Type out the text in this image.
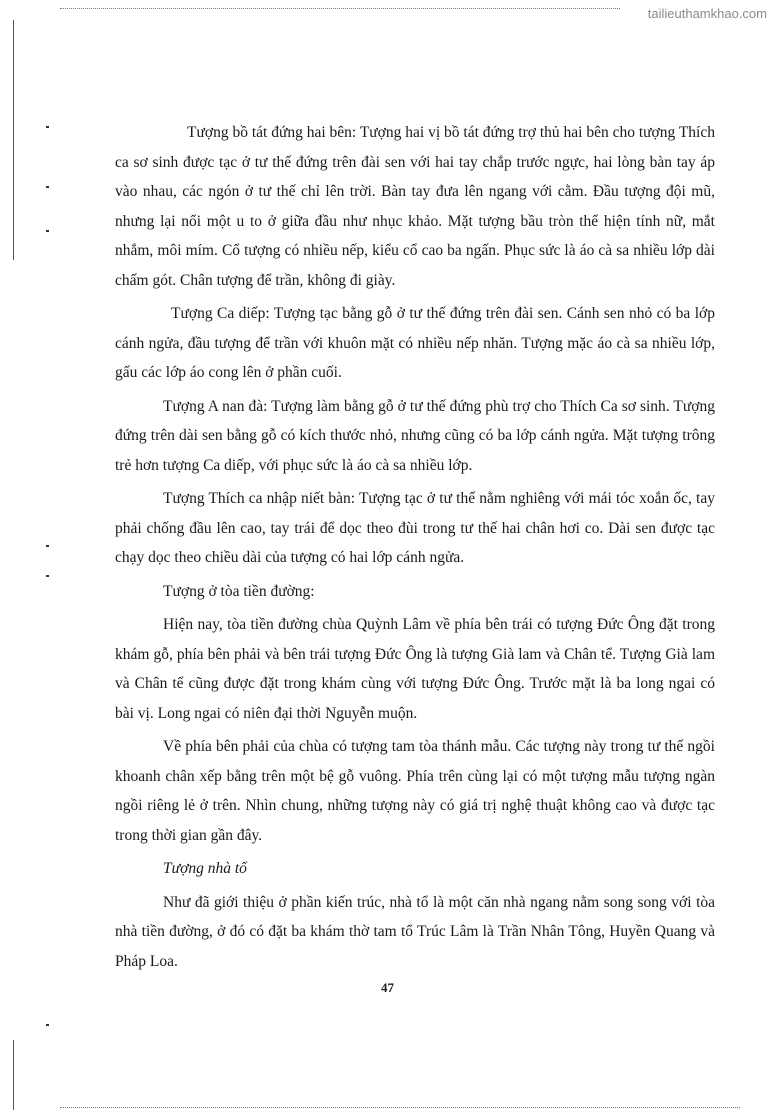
tailieuthamkhao.com

Tượng bồ tát đứng hai bên: Tượng hai vị bồ tát đứng trợ thủ hai bên cho tượng Thích ca sơ sinh được tạc ở tư thế đứng trên đài sen với hai tay chắp trước ngực, hai lòng bàn tay áp vào nhau, các ngón ở tư thế chỉ lên trời. Bàn tay đưa lên ngang với cằm. Đầu tượng đội mũ, nhưng lại nổi một u to ở giữa đầu như nhục khảo. Mặt tượng bầu tròn thể hiện tính nữ, mắt nhắm, môi mím. Cổ tượng có nhiều nếp, kiểu cổ cao ba ngấn. Phục sức là áo cà sa nhiều lớp dài chấm gót. Chân tượng để trần, không đi giày.

Tượng Ca diếp: Tượng tạc bằng gỗ ở tư thế đứng trên đài sen. Cánh sen nhỏ có ba lớp cánh ngửa, đầu tượng để trần với khuôn mặt có nhiều nếp nhăn. Tượng mặc áo cà sa nhiều lớp, gấu các lớp áo cong lên ở phần cuối.

Tượng A nan đà: Tượng làm bằng gỗ ở tư thế đứng phù trợ cho Thích Ca sơ sinh. Tượng đứng trên dài sen bằng gỗ có kích thước nhỏ, nhưng cũng có ba lớp cánh ngửa. Mặt tượng trông trẻ hơn tượng Ca diếp, với phục sức là áo cà sa nhiều lớp.

Tượng Thích ca nhập niết bàn: Tượng tạc ở tư thế nằm nghiêng với mái tóc xoắn ốc, tay phải chống đầu lên cao, tay trái để dọc theo đùi trong tư thế hai chân hơi co. Dài sen được tạc chạy dọc theo chiều dài của tượng có hai lớp cánh ngửa.

Tượng ở tòa tiền đường:

Hiện nay, tòa tiền đường chùa Quỳnh Lâm về phía bên trái có tượng Đức Ông đặt trong khám gỗ, phía bên phải và bên trái tượng Đức Ông là tượng Già lam và Chân tể. Tượng Già lam và Chân tể cũng được đặt trong khám cùng với tượng Đức Ông. Trước mặt là ba long ngai có bài vị. Long ngai có niên đại thời Nguyễn muộn.

Về phía bên phải của chùa có tượng tam tòa thánh mẫu. Các tượng này trong tư thế ngồi khoanh chân xếp bằng trên một bệ gỗ vuông. Phía trên cùng lại có một tượng mẫu tượng ngàn ngồi riêng lẻ ở trên. Nhìn chung, những tượng này có giá trị nghệ thuật không cao và được tạc trong thời gian gần đây.

Tượng nhà tổ

Như đã giới thiệu ở phần kiến trúc, nhà tổ là một căn nhà ngang nằm song song với tòa nhà tiền đường, ở đó có đặt ba khám thờ tam tổ Trúc Lâm là Trần Nhân Tông, Huyền Quang và Pháp Loa.

47
